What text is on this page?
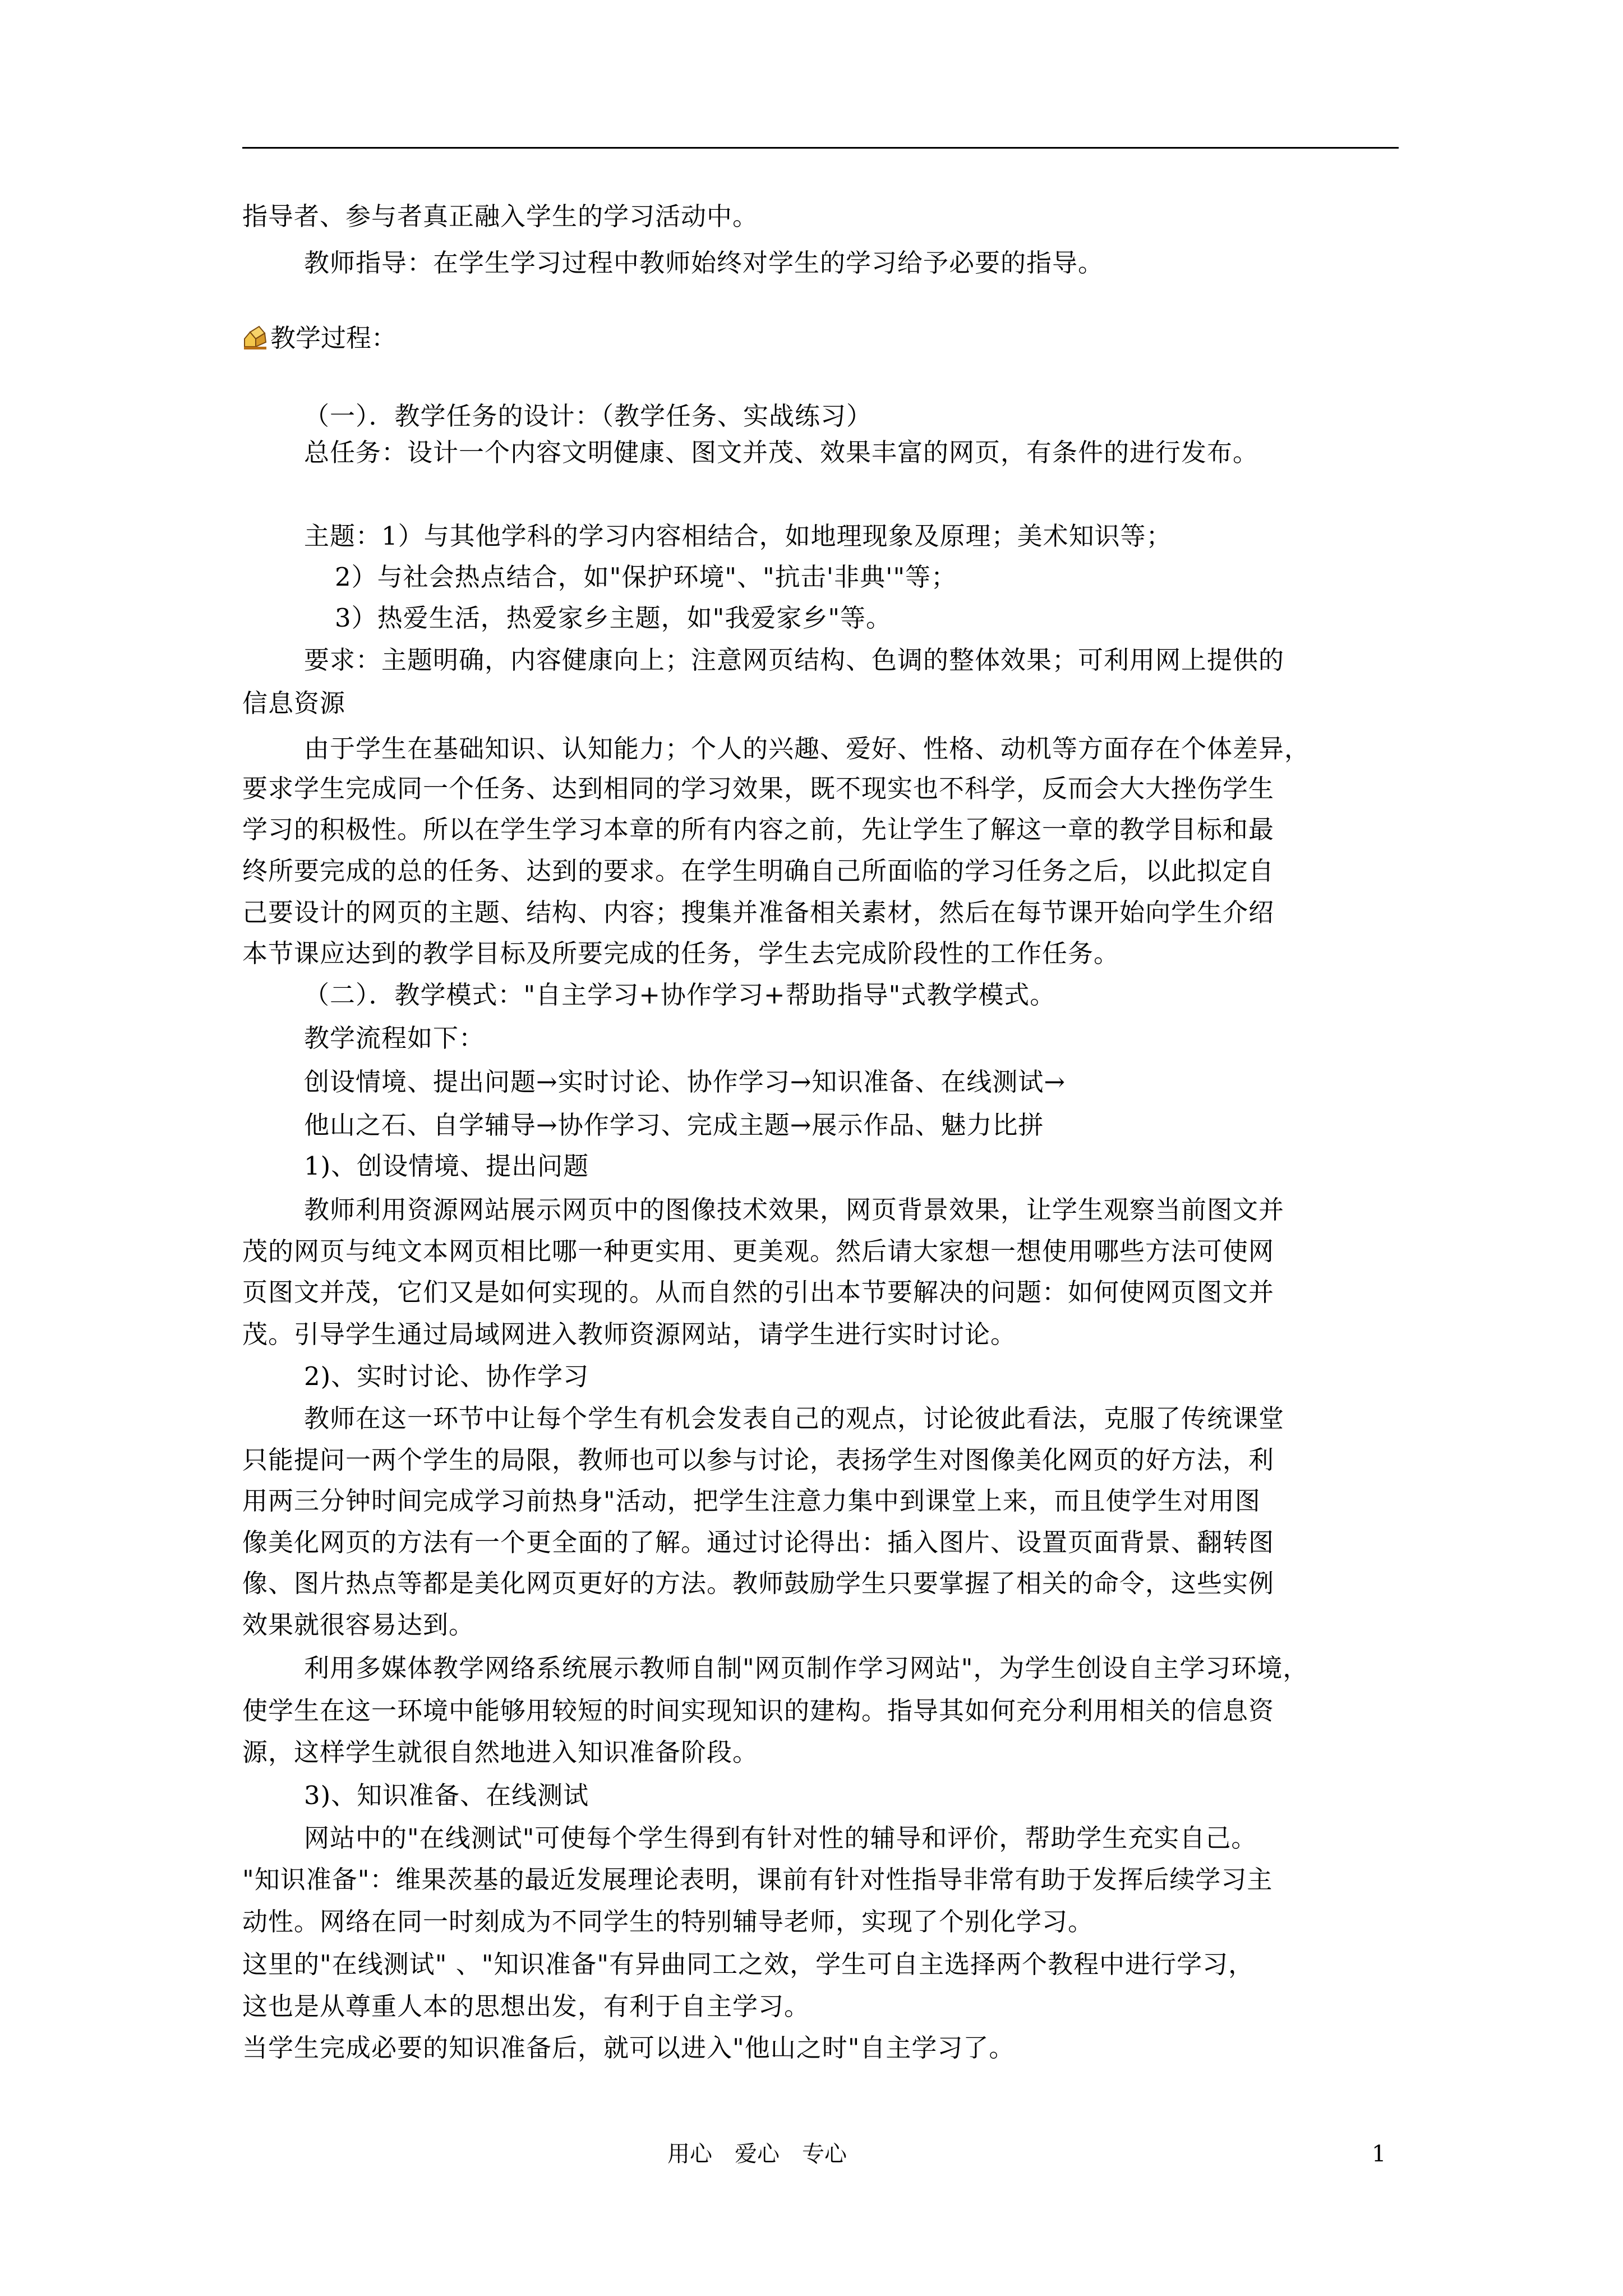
指导者、参与者真正融入学生的学习活动中。

教师指导：在学生学习过程中教师始终对学生的学习给予必要的指导。

教学过程：

（一）．教学任务的设计：（教学任务、实战练习）

总任务：设计一个内容文明健康、图文并茂、效果丰富的网页，有条件的进行发布。

主题：1）与其他学科的学习内容相结合，如地理现象及原理；美术知识等；

2）与社会热点结合，如"保护环境"、"抗击'非典'"等；

3）热爱生活，热爱家乡主题，如"我爱家乡"等。

要求：主题明确，内容健康向上；注意网页结构、色调的整体效果；可利用网上提供的

信息资源

由于学生在基础知识、认知能力；个人的兴趣、爱好、性格、动机等方面存在个体差异，

要求学生完成同一个任务、达到相同的学习效果，既不现实也不科学，反而会大大挫伤学生

学习的积极性。所以在学生学习本章的所有内容之前，先让学生了解这一章的教学目标和最

终所要完成的总的任务、达到的要求。在学生明确自己所面临的学习任务之后，以此拟定自

己要设计的网页的主题、结构、内容；搜集并准备相关素材，然后在每节课开始向学生介绍

本节课应达到的教学目标及所要完成的任务，学生去完成阶段性的工作任务。

（二）．教学模式："自主学习+协作学习+帮助指导"式教学模式。

教学流程如下：

创设情境、提出问题→实时讨论、协作学习→知识准备、在线测试→

他山之石、自学辅导→协作学习、完成主题→展示作品、魅力比拼

1)、创设情境、提出问题

教师利用资源网站展示网页中的图像技术效果，网页背景效果，让学生观察当前图文并

茂的网页与纯文本网页相比哪一种更实用、更美观。然后请大家想一想使用哪些方法可使网

页图文并茂，它们又是如何实现的。从而自然的引出本节要解决的问题：如何使网页图文并

茂。引导学生通过局域网进入教师资源网站，请学生进行实时讨论。

2)、实时讨论、协作学习

教师在这一环节中让每个学生有机会发表自己的观点，讨论彼此看法，克服了传统课堂

只能提问一两个学生的局限，教师也可以参与讨论，表扬学生对图像美化网页的好方法，利

用两三分钟时间完成学习前热身"活动，把学生注意力集中到课堂上来，而且使学生对用图

像美化网页的方法有一个更全面的了解。通过讨论得出：插入图片、设置页面背景、翻转图

像、图片热点等都是美化网页更好的方法。教师鼓励学生只要掌握了相关的命令，这些实例

效果就很容易达到。

利用多媒体教学网络系统展示教师自制"网页制作学习网站"，为学生创设自主学习环境，

使学生在这一环境中能够用较短的时间实现知识的建构。指导其如何充分利用相关的信息资

源，这样学生就很自然地进入知识准备阶段。

3)、知识准备、在线测试

网站中的"在线测试"可使每个学生得到有针对性的辅导和评价，帮助学生充实自己。

"知识准备"：维果茨基的最近发展理论表明，课前有针对性指导非常有助于发挥后续学习主

动性。网络在同一时刻成为不同学生的特别辅导老师，实现了个别化学习。

这里的"在线测试" 、"知识准备"有异曲同工之效，学生可自主选择两个教程中进行学习，

这也是从尊重人本的思想出发，有利于自主学习。

当学生完成必要的知识准备后，就可以进入"他山之时"自主学习了。

用心　爱心　专心	1
